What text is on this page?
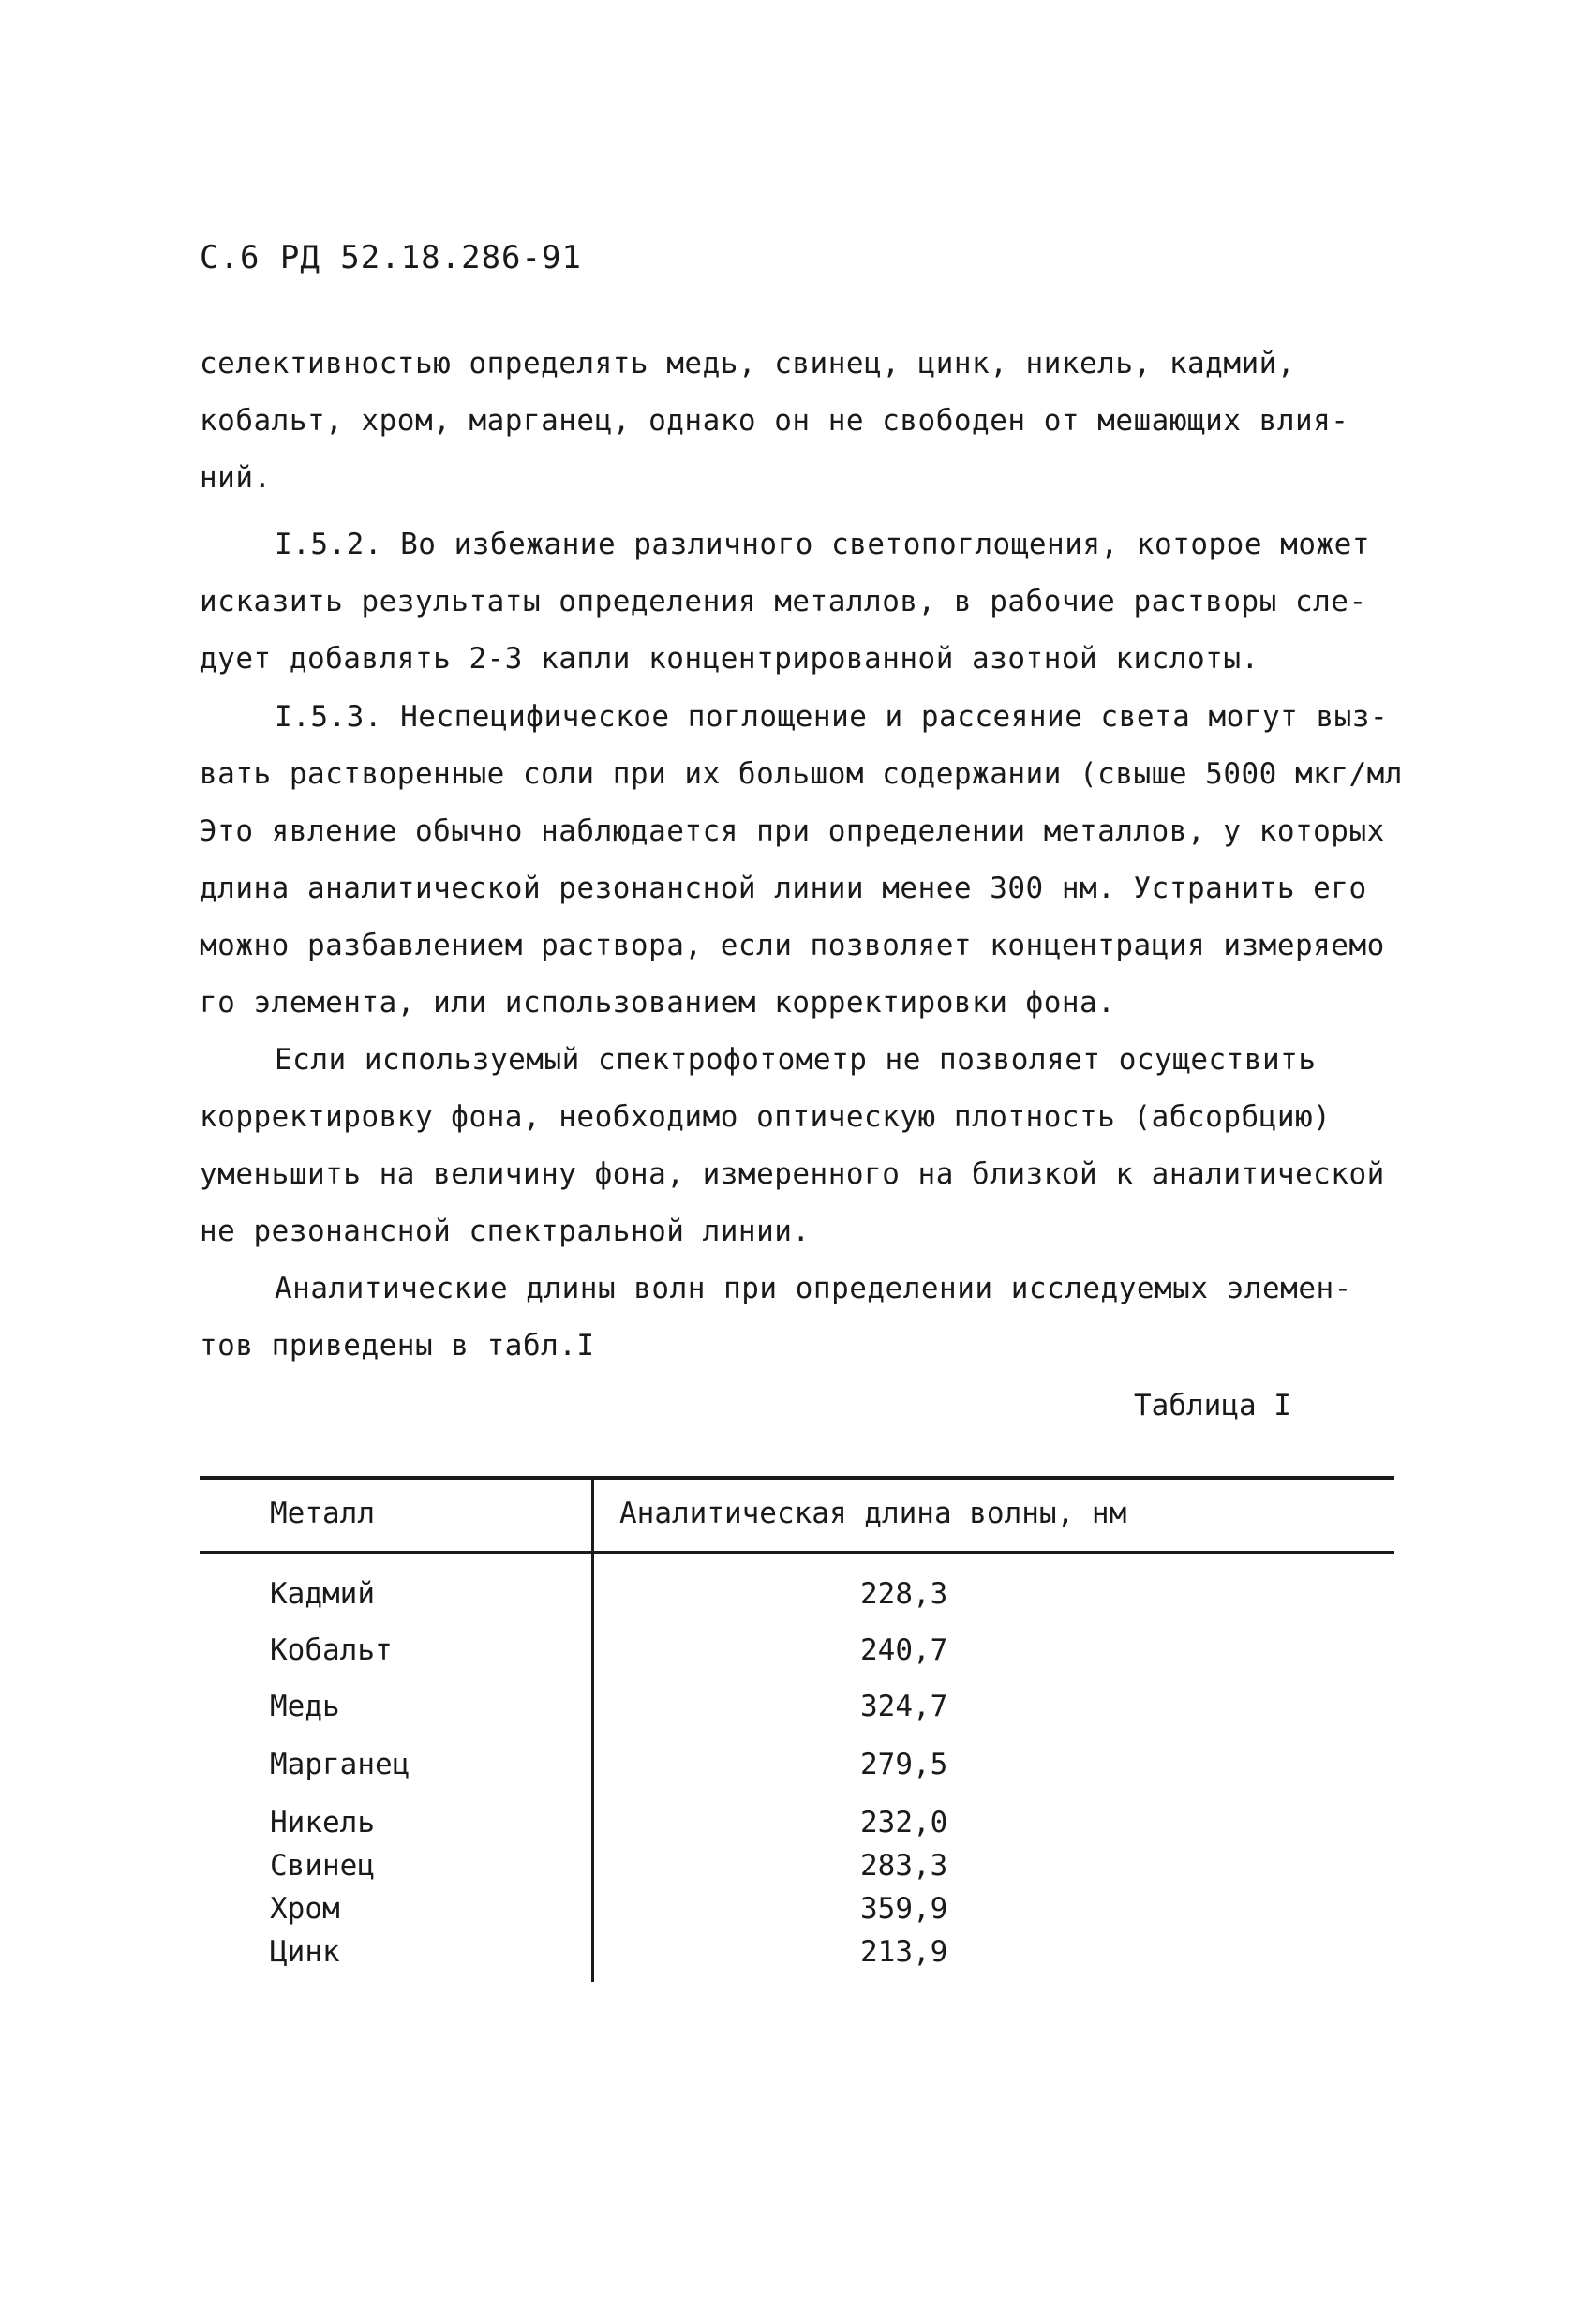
С.6 РД 52.18.286-91
селективностью определять медь, свинец, цинк, никель, кадмий,
кобальт, хром, марганец, однако он не свободен от мешающих влия-
ний.
I.5.2. Во избежание различного светопоглощения, которое может
исказить результаты определения металлов, в рабочие растворы сле-
дует добавлять 2-3 капли концентрированной азотной кислоты.
I.5.3. Неспецифическое поглощение и рассеяние света могут выз-
вать растворенные соли при их большом содержании (свыше 5000 мкг/мл
Это явление обычно наблюдается при определении металлов, у которых
длина аналитической резонансной линии менее 300 нм. Устранить его
можно разбавлением раствора, если позволяет концентрация измеряемо
го элемента, или использованием корректировки фона.
Если используемый спектрофотометр не позволяет осуществить
корректировку фона, необходимо оптическую плотность (абсорбцию)
уменьшить на величину фона, измеренного на близкой к аналитической
не резонансной спектральной линии.
Аналитические длины волн при определении исследуемых элемен-
тов приведены в табл.I
Таблица I
Металл	Аналитическая длина волны, нм
Кадмий	228,3
Кобальт	240,7
Медь	324,7
Марганец	279,5
Никель	232,0
Свинец	283,3
Хром	359,9
Цинк	213,9
